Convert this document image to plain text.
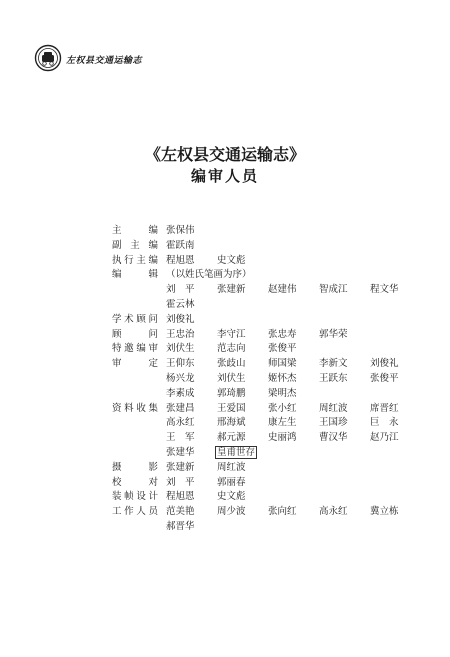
左权县交通运输志
《左权县交通运输志》
编审人员
主　编 张保伟
副主编 霍跃南
执行主编 程旭恩 史文彪
编　辑 （以姓氏笔画为序）
刘　平 张建新 赵建伟 智成江 程文华
霍云林
学术顾问 刘俊礼
顾　问 王忠治 李守江 张忠寿 郭华荣
特邀编审 刘伏生 范志向 张俊平
审　定 王仰东 张歧山 师国梁 李新文 刘俊礼
杨兴龙 刘伏生 姬怀杰 王跃东 张俊平
李素成 郭琦鹏 梁明杰
资料收集 张建昌 王爱国 张小红 周红波 席晋红
高永红 邢海斌 康左生 王国珍 巨　永
王　军 郝元源 史丽鸿 曹汉华 赵乃江
张建华 皇甫世存
摄　影 张建新 周红波
校　对 刘　平 郭丽春
装帧设计 程旭恩 史文彪
工作人员 范美艳 周少波 张向红 高永红 冀立栋
郝晋华
